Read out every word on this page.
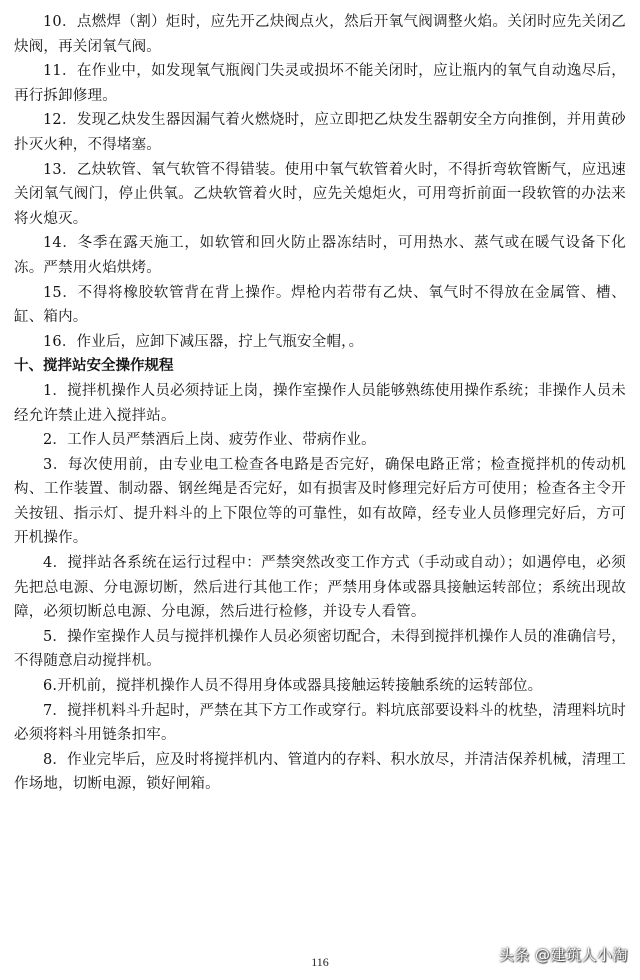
10．点燃焊（割）炬时，应先开乙炔阀点火，然后开氧气阀调整火焰。关闭时应先关闭乙炔阀，再关闭氧气阀。

11．在作业中，如发现氧气瓶阀门失灵或损坏不能关闭时，应让瓶内的氧气自动逸尽后，再行拆卸修理。

12．发现乙炔发生器因漏气着火燃烧时，应立即把乙炔发生器朝安全方向推倒，并用黄砂扑灭火种，不得堵塞。

13．乙炔软管、氧气软管不得错装。使用中氧气软管着火时，不得折弯软管断气，应迅速关闭氧气阀门，停止供氧。乙炔软管着火时，应先关熄炬火，可用弯折前面一段软管的办法来将火熄灭。

14．冬季在露天施工，如软管和回火防止器冻结时，可用热水、蒸气或在暖气设备下化冻。严禁用火焰烘烤。

15．不得将橡胶软管背在背上操作。焊枪内若带有乙炔、氧气时不得放在金属管、槽、缸、箱内。

16．作业后，应卸下减压器，拧上气瓶安全帽，。

十、搅拌站安全操作规程

1．搅拌机操作人员必须持证上岗，操作室操作人员能够熟练使用操作系统；非操作人员未经允许禁止进入搅拌站。

2．工作人员严禁酒后上岗、疲劳作业、带病作业。

3．每次使用前，由专业电工检查各电路是否完好，确保电路正常；检查搅拌机的传动机构、工作装置、制动器、钢丝绳是否完好，如有损害及时修理完好后方可使用；检查各主令开关按钮、指示灯、提升料斗的上下限位等的可靠性，如有故障，经专业人员修理完好后，方可开机操作。

4．搅拌站各系统在运行过程中：严禁突然改变工作方式（手动或自动）；如遇停电，必须先把总电源、分电源切断，然后进行其他工作；严禁用身体或器具接触运转部位；系统出现故障，必须切断总电源、分电源，然后进行检修，并设专人看管。

5．操作室操作人员与搅拌机操作人员必须密切配合，未得到搅拌机操作人员的准确信号，不得随意启动搅拌机。

6.开机前，搅拌机操作人员不得用身体或器具接触运转接触系统的运转部位。

7．搅拌机料斗升起时，严禁在其下方工作或穿行。料坑底部要设料斗的枕垫，清理料坑时必须将料斗用链条扣牢。

8．作业完毕后，应及时将搅拌机内、管道内的存料、积水放尽，并清洁保养机械，清理工作场地，切断电源，锁好闸箱。

116	头条 @建筑人小淘
